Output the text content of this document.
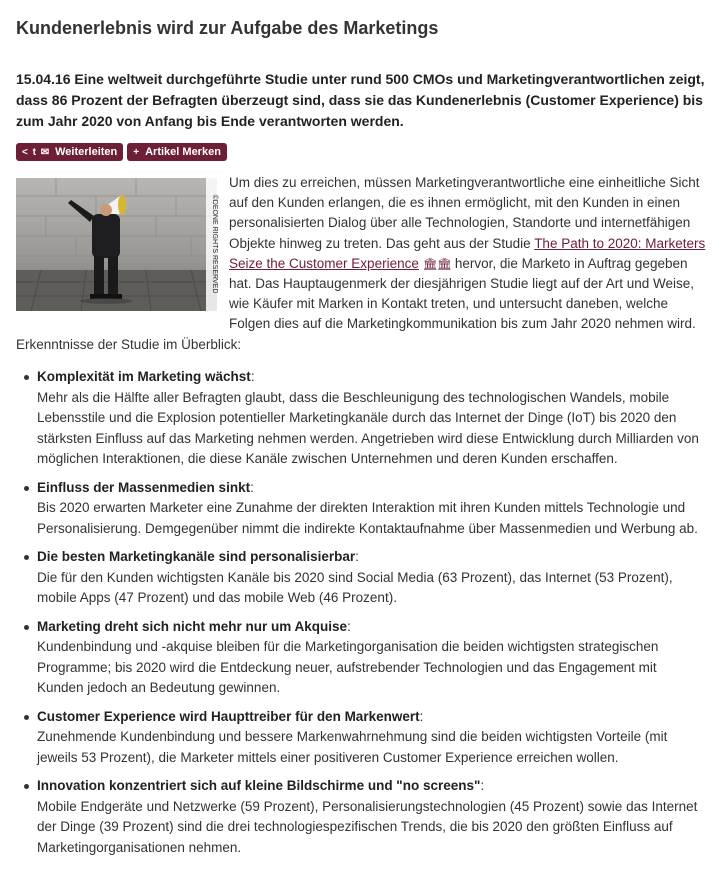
Kundenerlebnis wird zur Aufgabe des Marketings
15.04.16 Eine weltweit durchgeführte Studie unter rund 500 CMOs und Marketingverantwortlichen zeigt, dass 86 Prozent der Befragten überzeugt sind, dass sie das Kundenerlebnis (Customer Experience) bis zum Jahr 2020 von Anfang bis Ende verantworten werden.
< t ✉ Weiterleiten + Artikel Merken
©DEONE RIGHTS RESERVED
Um dies zu erreichen, müssen Marketingverantwortliche eine einheitliche Sicht auf den Kunden erlangen, die es ihnen ermöglicht, mit den Kunden in einen personalisierten Dialog über alle Technologien, Standorte und internetfähigen Objekte hinweg zu treten. Das geht aus der Studie The Path to 2020: Marketers Seize the Customer Experience 🏛🏛 hervor, die Marketo in Auftrag gegeben hat. Das Hauptaugenmerk der diesjährigen Studie liegt auf der Art und Weise, wie Käufer mit Marken in Kontakt treten, und untersucht daneben, welche Folgen dies auf die Marketingkommunikation bis zum Jahr 2020 nehmen wird. Erkenntnisse der Studie im Überblick:
Komplexität im Marketing wächst:
Mehr als die Hälfte aller Befragten glaubt, dass die Beschleunigung des technologischen Wandels, mobile Lebensstile und die Explosion potentieller Marketingkanäle durch das Internet der Dinge (IoT) bis 2020 den stärksten Einfluss auf das Marketing nehmen werden. Angetrieben wird diese Entwicklung durch Milliarden von möglichen Interaktionen, die diese Kanäle zwischen Unternehmen und deren Kunden erschaffen.
Einfluss der Massenmedien sinkt:
Bis 2020 erwarten Marketer eine Zunahme der direkten Interaktion mit ihren Kunden mittels Technologie und Personalisierung. Demgegenüber nimmt die indirekte Kontaktaufnahme über Massenmedien und Werbung ab.
Die besten Marketingkanäle sind personalisierbar:
Die für den Kunden wichtigsten Kanäle bis 2020 sind Social Media (63 Prozent), das Internet (53 Prozent), mobile Apps (47 Prozent) und das mobile Web (46 Prozent).
Marketing dreht sich nicht mehr nur um Akquise:
Kundenbindung und -akquise bleiben für die Marketingorganisation die beiden wichtigsten strategischen Programme; bis 2020 wird die Entdeckung neuer, aufstrebender Technologien und das Engagement mit Kunden jedoch an Bedeutung gewinnen.
Customer Experience wird Haupttreiber für den Markenwert:
Zunehmende Kundenbindung und bessere Markenwahrnehmung sind die beiden wichtigsten Vorteile (mit jeweils 53 Prozent), die Marketer mittels einer positiveren Customer Experience erreichen wollen.
Innovation konzentriert sich auf kleine Bildschirme und "no screens":
Mobile Endgeräte und Netzwerke (59 Prozent), Personalisierungstechnologien (45 Prozent) sowie das Internet der Dinge (39 Prozent) sind die drei technologiespezifischen Trends, die bis 2020 den größten Einfluss auf Marketingorganisationen nehmen.
